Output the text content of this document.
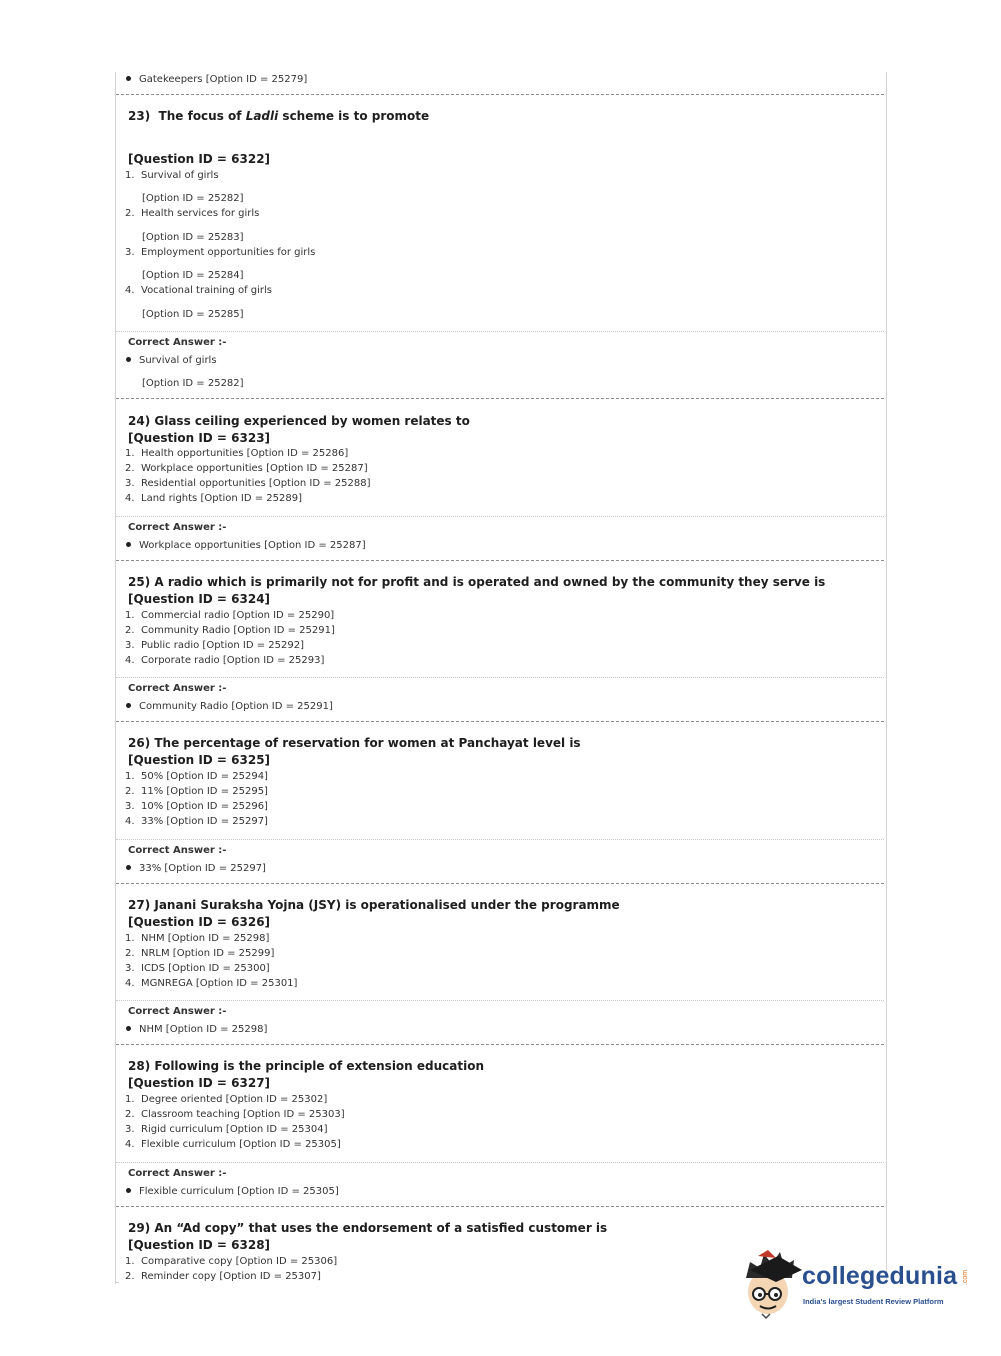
Gatekeepers [Option ID = 25279]
23) The focus of Ladli scheme is to promote
[Question ID = 6322]
1. Survival of girls
[Option ID = 25282]
2. Health services for girls
[Option ID = 25283]
3. Employment opportunities for girls
[Option ID = 25284]
4. Vocational training of girls
[Option ID = 25285]
Correct Answer :-
Survival of girls
[Option ID = 25282]
24) Glass ceiling experienced by women relates to
[Question ID = 6323]
1. Health opportunities [Option ID = 25286]
2. Workplace opportunities [Option ID = 25287]
3. Residential opportunities [Option ID = 25288]
4. Land rights [Option ID = 25289]
Correct Answer :-
Workplace opportunities [Option ID = 25287]
25) A radio which is primarily not for profit and is operated and owned by the community they serve is
[Question ID = 6324]
1. Commercial radio [Option ID = 25290]
2. Community Radio [Option ID = 25291]
3. Public radio [Option ID = 25292]
4. Corporate radio [Option ID = 25293]
Correct Answer :-
Community Radio [Option ID = 25291]
26) The percentage of reservation for women at Panchayat level is
[Question ID = 6325]
1. 50% [Option ID = 25294]
2. 11% [Option ID = 25295]
3. 10% [Option ID = 25296]
4. 33% [Option ID = 25297]
Correct Answer :-
33% [Option ID = 25297]
27) Janani Suraksha Yojna (JSY) is operationalised under the programme
[Question ID = 6326]
1. NHM [Option ID = 25298]
2. NRLM [Option ID = 25299]
3. ICDS [Option ID = 25300]
4. MGNREGA [Option ID = 25301]
Correct Answer :-
NHM [Option ID = 25298]
28) Following is the principle of extension education
[Question ID = 6327]
1. Degree oriented [Option ID = 25302]
2. Classroom teaching [Option ID = 25303]
3. Rigid curriculum [Option ID = 25304]
4. Flexible curriculum [Option ID = 25305]
Correct Answer :-
Flexible curriculum [Option ID = 25305]
29) An “Ad copy” that uses the endorsement of a satisfied customer is
[Question ID = 6328]
1. Comparative copy [Option ID = 25306]
2. Reminder copy [Option ID = 25307]	collegedunia .com
India's largest Student Review Platform
